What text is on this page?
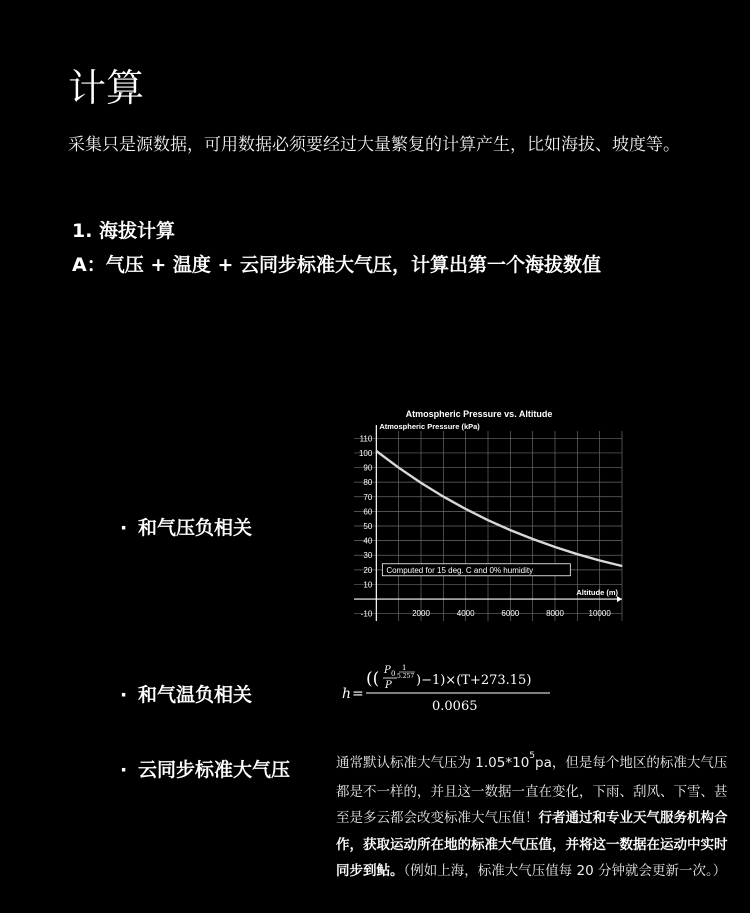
计算
采集只是源数据，可用数据必须要经过大量繁复的计算产生，比如海拔、坡度等。
1. 海拔计算
A：气压 + 温度 + 云同步标准大气压，计算出第一个海拔数值
· 和气压负相关
· 和气温负相关
· 云同步标准大气压
-10
10
20
30
40
50
60
70
80
90
100
110
2000	4000	6000	8000	10000
Atmospheric Pressure vs. Altitude
Atmospheric Pressure (kPa)
Altitude (m)
Computed for 15 deg. C and 0% humidity
h =
(( P 0
P
1
5.257 )−1)×(T+273.15)
0.0065
通常默认标准大气压为 $1.05*10^5pa$，但是每个地区的标准大气压都是不一样的，并且这一数据一直在变化，下雨、刮风、下雪、甚至是多云都会改变标准大气压值！行者通过和专业天气服务机构合作，获取运动所在地的标准大气压值，并将这一数据在运动中实时同步到鲇。（例如上海，标准大气压值每 20 分钟就会更新一次。）
